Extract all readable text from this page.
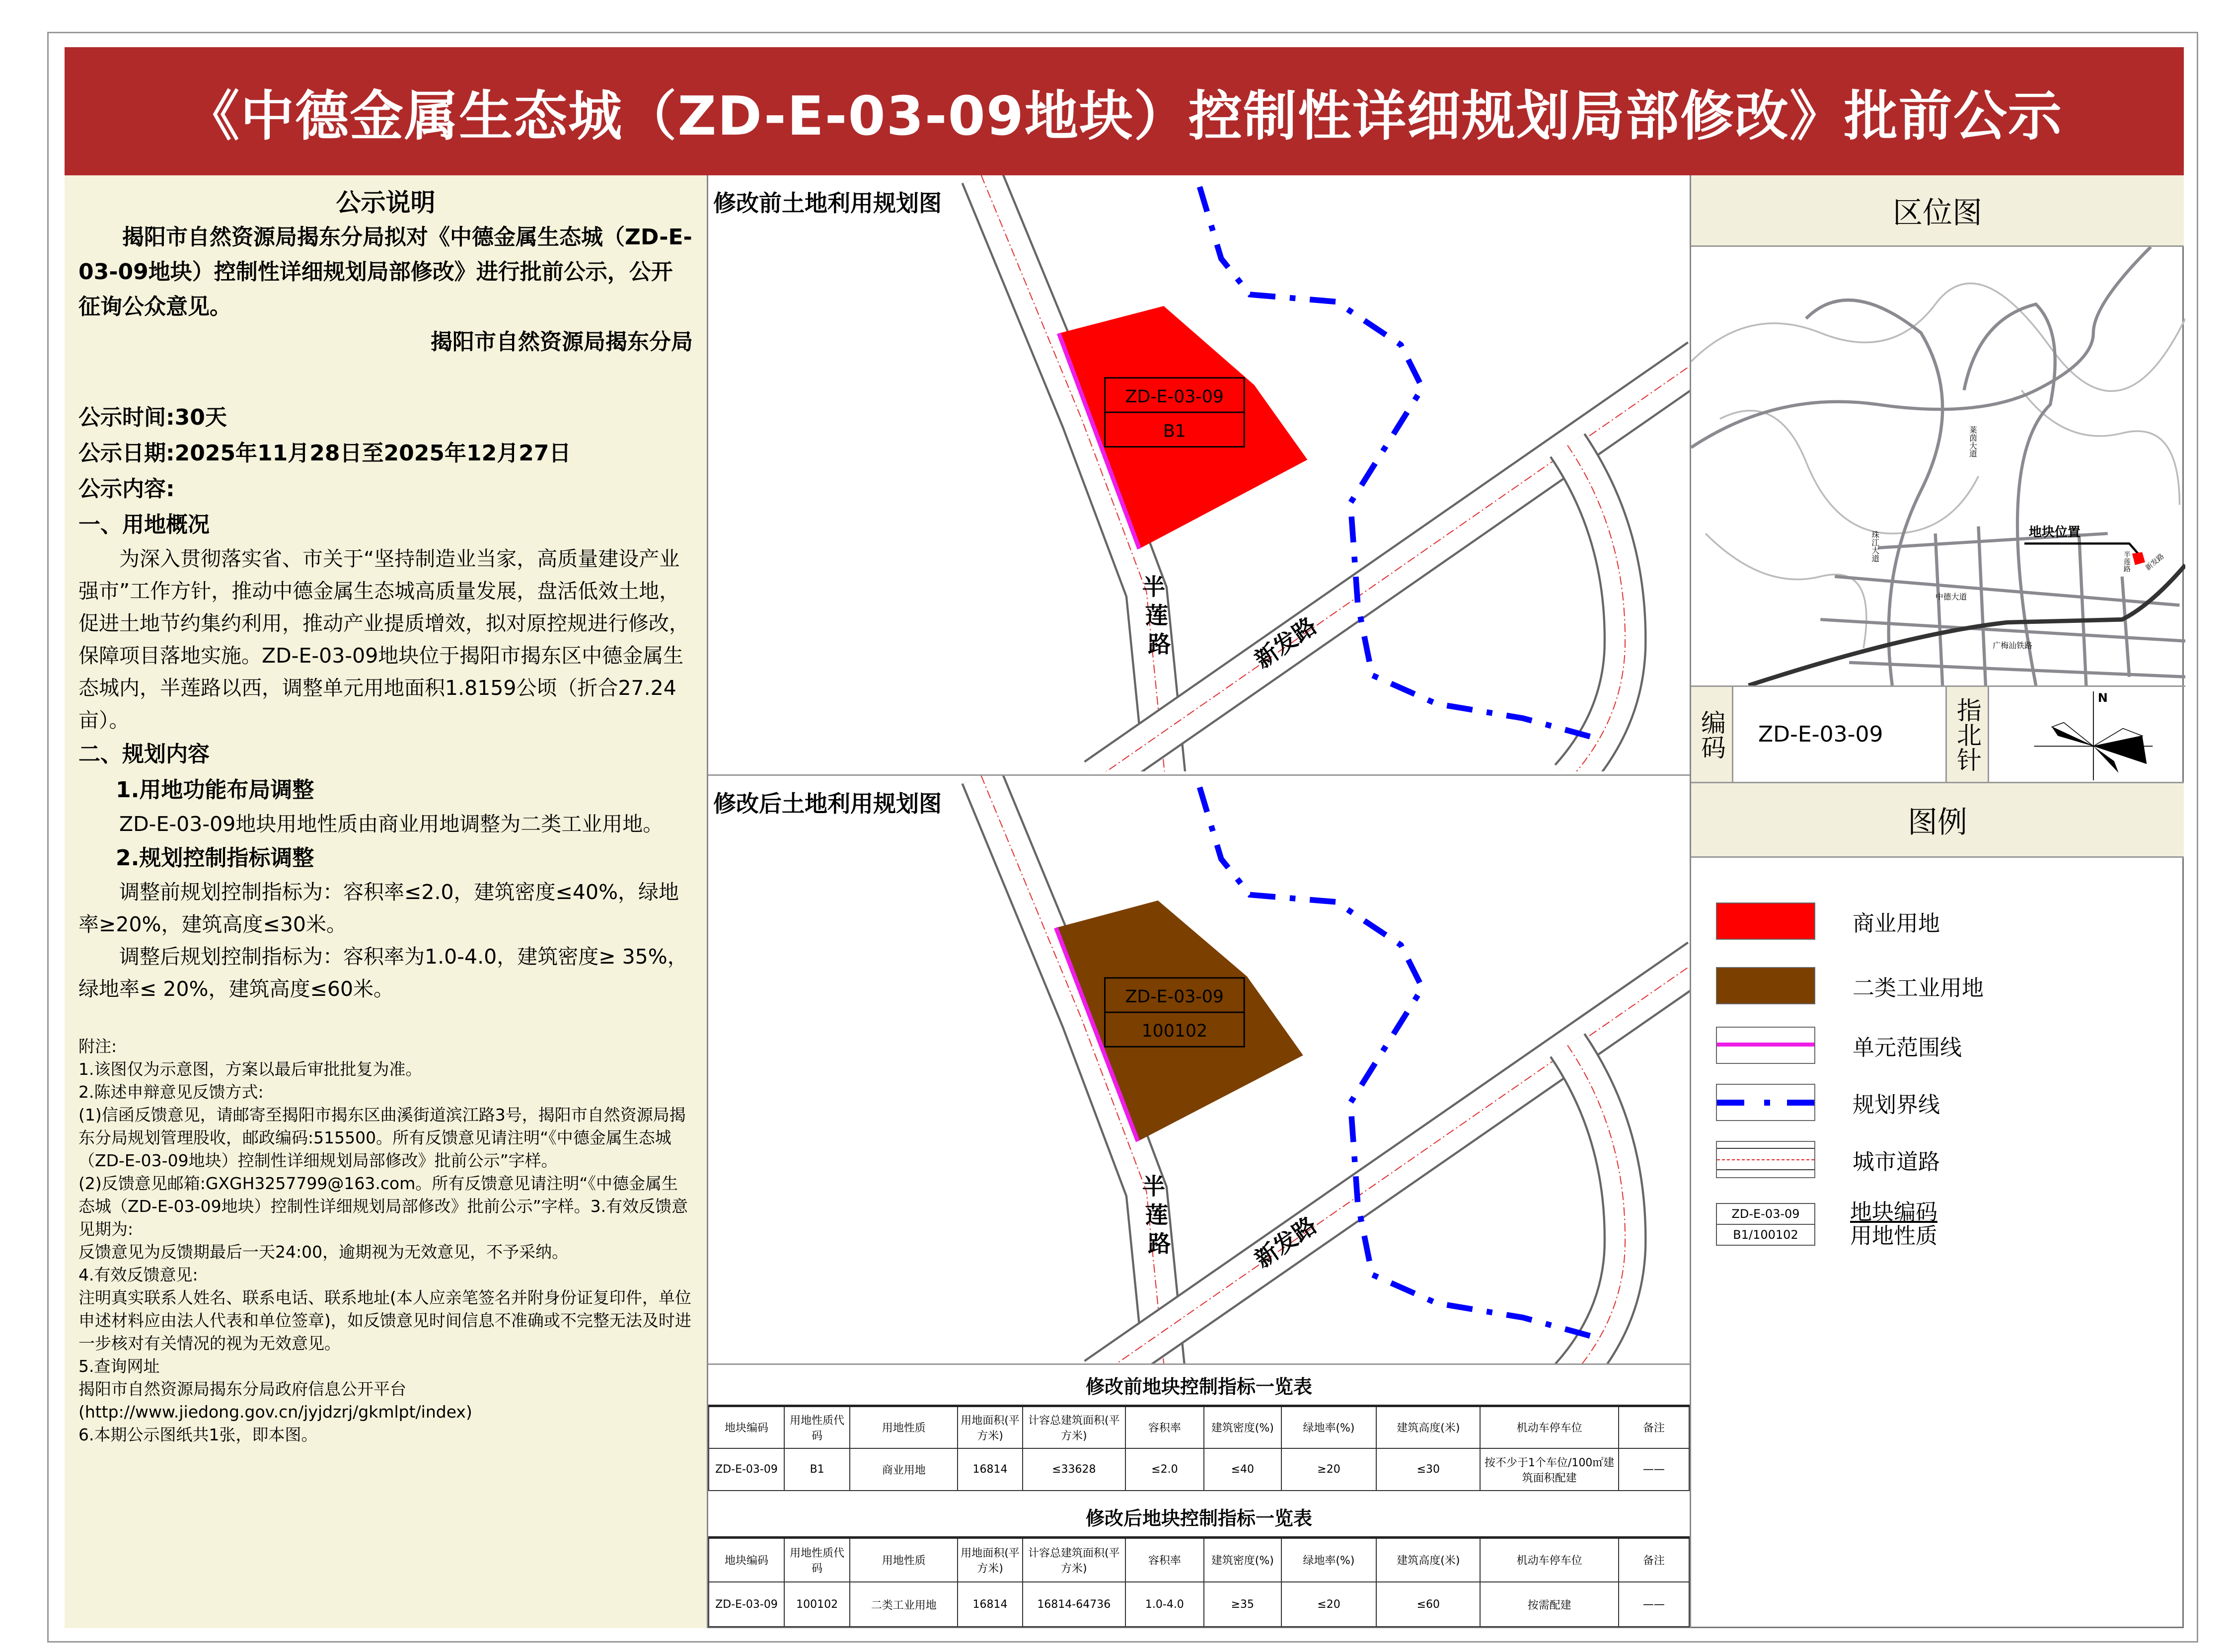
《中德金属生态城（ZD-E-03-09地块）控制性详细规划局部修改》批前公示
公示说明
揭阳市自然资源局揭东分局拟对《中德金属生态城（ZD-E-03-09地块）控制性详细规划局部修改》进行批前公示，公开征询公众意见。
揭阳市自然资源局揭东分局
公示时间:30天
公示日期:2025年11月28日至2025年12月27日
公示内容:
一、用地概况
为深入贯彻落实省、市关于“坚持制造业当家，高质量建设产业强市”工作方针，推动中德金属生态城高质量发展，盘活低效土地，促进土地节约集约利用，推动产业提质增效，拟对原控规进行修改，保障项目落地实施。ZD-E-03-09地块位于揭阳市揭东区中德金属生态城内，半莲路以西，调整单元用地面积1.8159公顷（折合27.24亩）。
二、规划内容
1.用地功能布局调整
ZD-E-03-09地块用地性质由商业用地调整为二类工业用地。
2.规划控制指标调整
调整前规划控制指标为：容积率≤2.0，建筑密度≤40%，绿地率≥20%，建筑高度≤30米。
调整后规划控制指标为：容积率为1.0-4.0，建筑密度≥ 35%，绿地率≤ 20%，建筑高度≤60米。
附注:
1.该图仅为示意图，方案以最后审批批复为准。
2.陈述申辩意见反馈方式:
(1)信函反馈意见，请邮寄至揭阳市揭东区曲溪街道滨江路3号，揭阳市自然资源局揭东分局规划管理股收，邮政编码:515500。所有反馈意见请注明“《中德金属生态城（ZD-E-03-09地块）控制性详细规划局部修改》批前公示”字样。
(2)反馈意见邮箱:GXGH3257799@163.com。所有反馈意见请注明“《中德金属生态城（ZD-E-03-09地块）控制性详细规划局部修改》批前公示”字样。3.有效反馈意见期为:
反馈意见为反馈期最后一天24:00，逾期视为无效意见，不予采纳。
4.有效反馈意见:
注明真实联系人姓名、联系电话、联系地址(本人应亲笔签名并附身份证复印件，单位申述材料应由法人代表和单位签章)，如反馈意见时间信息不准确或不完整无法及时进一步核对有关情况的视为无效意见。
5.查询网址
揭阳市自然资源局揭东分局政府信息公开平台
(http://www.jiedong.gov.cn/jyjdzrj/gkmlpt/index)
6.本期公示图纸共1张，即本图。
ZD-E-03-09
B1
半
莲
路	新发路
修改前土地利用规划图
ZD-E-03-09
100102
半
莲
路	新发路
修改后土地利用规划图
修改前地块控制指标一览表										
地块编码	用地性质代码	用地性质	用地面积(平方米)	计容总建筑面积(平方米)	容积率	建筑密度(%)	绿地率(%)	建筑高度(米)	机动车停车位	备注
ZD-E-03-09	B1	商业用地	16814	≤33628	≤2.0	≤40	≥20	≤30	按不少于1个车位/100㎡建筑面积配建	——
修改后地块控制指标一览表										
地块编码	用地性质代码	用地性质	用地面积(平方米)	计容总建筑面积(平方米)	容积率	建筑密度(%)	绿地率(%)	建筑高度(米)	机动车停车位	备注
ZD-E-03-09	100102	二类工业用地	16814	16814-64736	1.0-4.0	≥35	≤20	≤60	按需配建	——
区位图
地块位置
莱茵大道
珠江大道
中德大道
广梅汕铁路
半莲路	新发路
编码	ZD-E-03-09	指北针	N
图例
商业用地
二类工业用地
单元范围线
规划界线
城市道路
ZD-E-03-09
B1/100102
地块编码
用地性质
